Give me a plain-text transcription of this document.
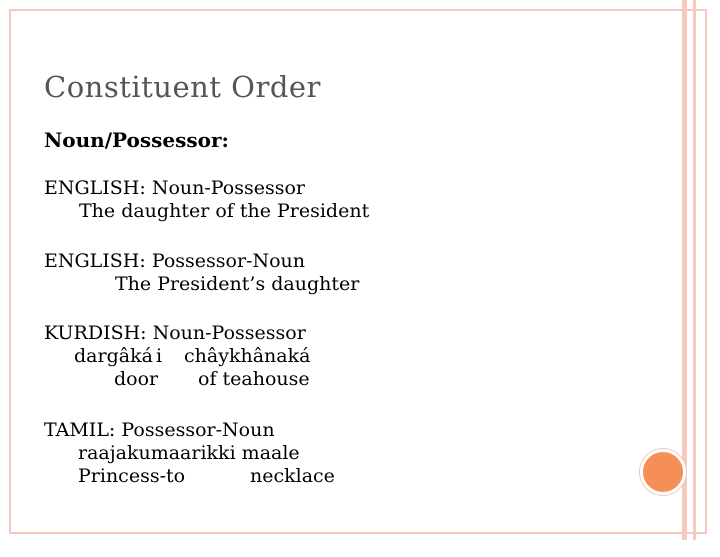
Constituent Order
Noun/Possessor:
ENGLISH: Noun-Possessor
The daughter of the President
ENGLISH: Possessor-Noun
The President’s daughter
KURDISH: Noun-Possessor

dargâká

i

châykhânaká

door

of teahouse

TAMIL: Possessor-Noun
raajakumaarikki maale

Princess-to

	necklace
